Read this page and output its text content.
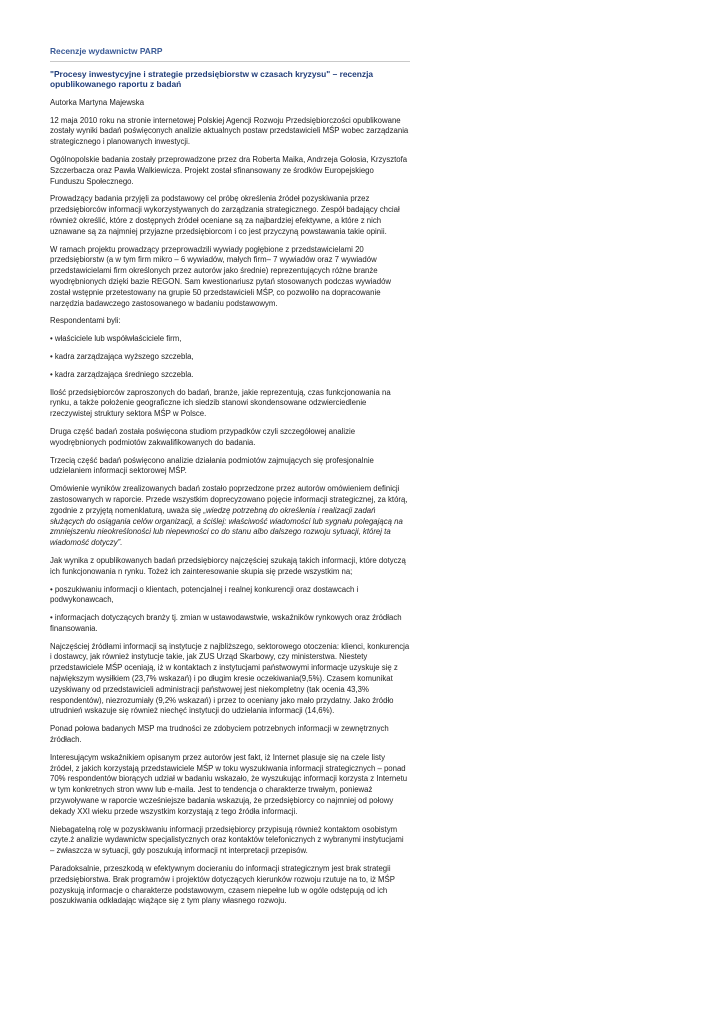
Recenzje wydawnictw PARP
"Procesy inwestycyjne i strategie przedsiębiorstw w czasach kryzysu" – recenzja opublikowanego raportu z badań

Autorka Martyna Majewska

12 maja 2010 roku na stronie internetowej Polskiej Agencji Rozwoju Przedsiębiorczości opublikowane zostały wyniki badań poświęconych analizie aktualnych postaw przedstawicieli MŚP wobec zarządzania strategicznego i planowanych inwestycji.

Ogólnopolskie badania zostały przeprowadzone przez dra Roberta Maika, Andrzeja Gołosia, Krzysztofa Szczerbacza oraz Pawła Walkiewicza. Projekt został sfinansowany ze środków Europejskiego Funduszu Społecznego.

Prowadzący badania przyjęli za podstawowy cel próbę określenia źródeł pozyskiwania przez przedsiębiorców informacji wykorzystywanych do zarządzania strategicznego. Zespół badający chciał również określić, które z dostępnych źródeł oceniane są za najbardziej efektywne, a które z nich uznawane są za najmniej przyjazne przedsiębiorcom i co jest przyczyną powstawania takie opinii.

W ramach projektu prowadzący przeprowadzili wywiady pogłębione z przedstawicielami 20 przedsiębiorstw (a w tym firm mikro – 6 wywiadów, małych firm– 7 wywiadów oraz 7 wywiadów przedstawicielami firm określonych przez autorów jako średnie) reprezentujących różne branże wyodrębnionych dzięki bazie REGON. Sam kwestionariusz pytań stosowanych podczas wywiadów został wstępnie przetestowany na grupie 50 przedstawicieli MŚP, co pozwoliło na dopracowanie narzędzia badawczego zastosowanego w badaniu podstawowym.

Respondentami byli:

• właściciele lub współwłaściciele firm,

• kadra zarządzająca wyższego szczebla,

• kadra zarządzająca średniego szczebla.

Ilość przedsiębiorców zaproszonych do badań, branże, jakie reprezentują, czas funkcjonowania na rynku, a także położenie geograficzne ich siedzib stanowi skondensowane odzwierciedlenie rzeczywistej struktury sektora MŚP w Polsce.

Druga część badań została poświęcona studiom przypadków czyli szczegółowej analizie wyodrębnionych podmiotów zakwalifikowanych do badania.

Trzecią część badań poświęcono analizie działania podmiotów zajmujących się profesjonalnie udzielaniem informacji sektorowej MŚP.

Omówienie wyników zrealizowanych badań zostało poprzedzone przez autorów omówieniem definicji zastosowanych w raporcie. Przede wszystkim doprecyzowano pojęcie informacji strategicznej, za którą, zgodnie z przyjętą nomenklaturą, uważa się „wiedzę potrzebną do określenia i realizacji zadań służących do osiągania celów organizacji, a ściślej: właściwość wiadomości lub sygnału polegającą na zmniejszeniu nieokreśloności lub niepewności co do stanu albo dalszego rozwoju sytuacji, której ta wiadomość dotyczy”.

Jak wynika z opublikowanych badań przedsiębiorcy najczęściej szukają takich informacji, które dotyczą ich funkcjonowania n rynku. Tożeż ich zainteresowanie skupia się przede wszystkim na;

• poszukiwaniu informacji o klientach, potencjalnej i realnej konkurencji oraz dostawcach i podwykonawcach,

• informacjach dotyczących branży tj. zmian w ustawodawstwie, wskaźników rynkowych oraz źródłach finansowania.

Najczęściej źródłami informacji są instytucje z najbliższego, sektorowego otoczenia: klienci, konkurencja i dostawcy, jak również instytucje takie, jak ZUS Urząd Skarbowy, czy ministerstwa. Niestety przedstawiciele MŚP oceniają, iż w kontaktach z instytucjami państwowymi informacje uzyskuje się z największym wysiłkiem (23,7% wskazań) i po długim kresie oczekiwania(9,5%). Czasem komunikat uzyskiwany od przedstawicieli administracji państwowej jest niekompletny (tak ocenia 43,3% respondentów), niezrozumiały (9,2% wskazań) i przez to oceniany jako mało przydatny. Jako źródło utrudnień wskazuje się również niechęć instytucji do udzielania informacji (14,6%).

Ponad połowa badanych MSP ma trudności ze zdobyciem potrzebnych informacji w zewnętrznych źródłach.

Interesującym wskaźnikiem opisanym przez autorów jest fakt, iż Internet plasuje się na czele listy źródeł, z jakich korzystają przedstawiciele MŚP w toku wyszukiwania informacji strategicznych – ponad 70% respondentów biorących udział w badaniu wskazało, że wyszukując informacji korzysta z Internetu w tym konkretnych stron www lub e-maila. Jest to tendencja o charakterze trwałym, ponieważ przywoływane w raporcie wcześniejsze badania wskazują, że przedsiębiorcy co najmniej od połowy dekady XXI wieku przede wszystkim korzystają z tego źródła informacji.

Niebagatelną rolę w pozyskiwaniu informacji przedsiębiorcy przypisują również kontaktom osobistym czyte.ż analizie wydawnictw specjalistycznych oraz kontaktów telefonicznych z wybranymi instytucjami – zwłaszcza w sytuacji, gdy poszukują informacji nt interpretacji przepisów.

Paradoksalnie, przeszkodą w efektywnym docieraniu do informacji strategicznym jest brak strategii przedsiębiorstwa. Brak programów i projektów dotyczących kierunków rozwoju rzutuje na to, iż MŚP pozyskują informacje o charakterze podstawowym, czasem niepełne lub w ogóle odstępują od ich poszukiwania odkładając wiążące się z tym plany własnego rozwoju.
